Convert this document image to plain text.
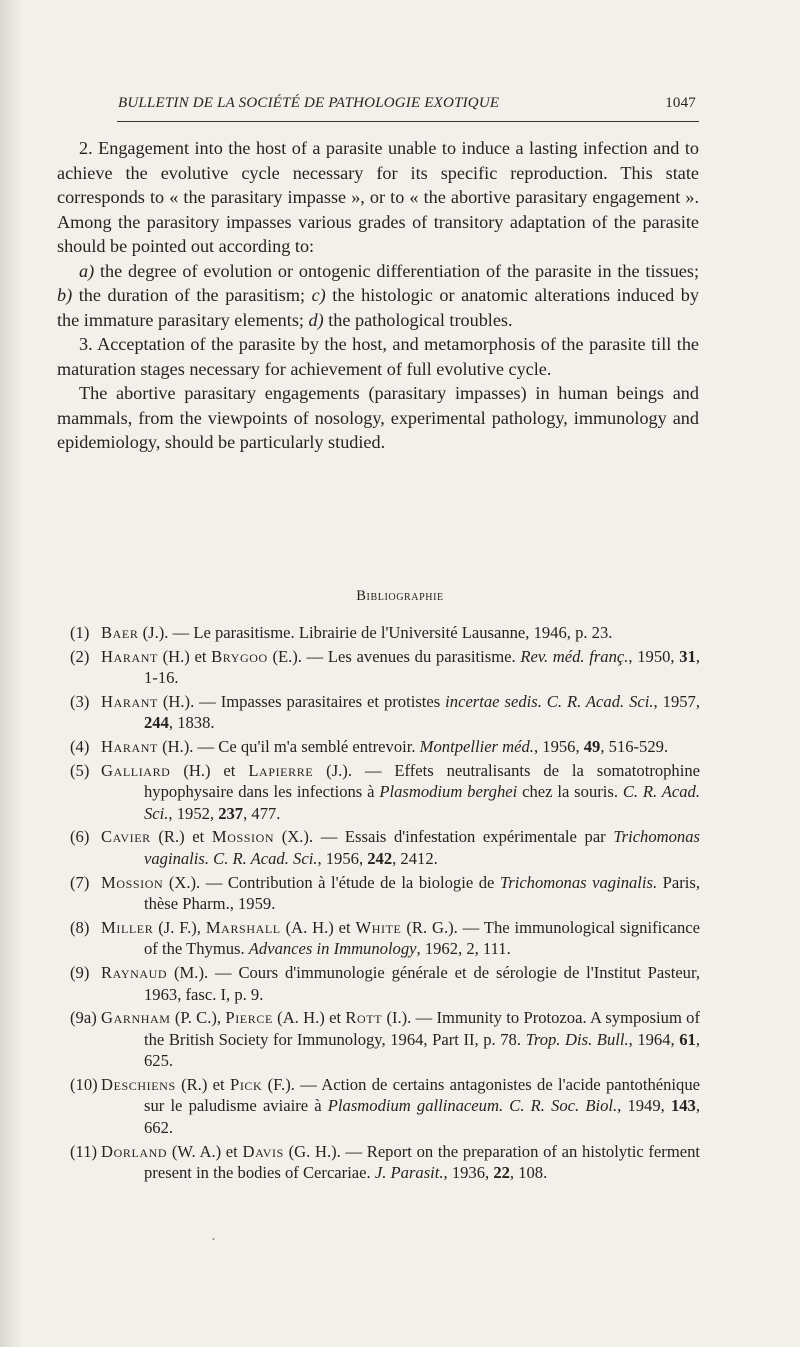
BULLETIN DE LA SOCIÉTÉ DE PATHOLOGIE EXOTIQUE	1047

2. Engagement into the host of a parasite unable to induce a lasting infection and to achieve the evolutive cycle necessary for its specific reproduction. This state corresponds to « the parasitary impasse », or to « the abortive parasitary engagement ». Among the parasitory impasses various grades of transitory adaptation of the parasite should be pointed out according to:

a) the degree of evolution or ontogenic differentiation of the parasite in the tissues; b) the duration of the parasitism; c) the histologic or anatomic alterations induced by the immature parasitary elements; d) the pathological troubles.

3. Acceptation of the parasite by the host, and metamorphosis of the parasite till the maturation stages necessary for achievement of full evolutive cycle.

The abortive parasitary engagements (parasitary impasses) in human beings and mammals, from the viewpoints of nosology, experimental pathology, immunology and epidemiology, should be particularly studied.

Bibliographie
(1) Baer (J.). — Le parasitisme. Librairie de l'Université Lausanne, 1946, p. 23.
(2) Harant (H.) et Brygoo (E.). — Les avenues du parasitisme. Rev. méd. franç., 1950, 31, 1-16.
(3) Harant (H.). — Impasses parasitaires et protistes incertae sedis. C. R. Acad. Sci., 1957, 244, 1838.
(4) Harant (H.). — Ce qu'il m'a semblé entrevoir. Montpellier méd., 1956, 49, 516-529.
(5) Galliard (H.) et Lapierre (J.). — Effets neutralisants de la somatotrophine hypophysaire dans les infections à Plasmodium berghei chez la souris. C. R. Acad. Sci., 1952, 237, 477.
(6) Cavier (R.) et Mossion (X.). — Essais d'infestation expérimentale par Trichomonas vaginalis. C. R. Acad. Sci., 1956, 242, 2412.
(7) Mossion (X.). — Contribution à l'étude de la biologie de Trichomonas vaginalis. Paris, thèse Pharm., 1959.
(8) Miller (J. F.), Marshall (A. H.) et White (R. G.). — The immunological significance of the Thymus. Advances in Immunology, 1962, 2, 111.
(9) Raynaud (M.). — Cours d'immunologie générale et de sérologie de l'Institut Pasteur, 1963, fasc. I, p. 9.
(9a) Garnham (P. C.), Pierce (A. H.) et Rott (I.). — Immunity to Protozoa. A symposium of the British Society for Immunology, 1964, Part II, p. 78. Trop. Dis. Bull., 1964, 61, 625.
(10) Deschiens (R.) et Pick (F.). — Action de certains antagonistes de l'acide pantothénique sur le paludisme aviaire à Plasmodium gallinaceum. C. R. Soc. Biol., 1949, 143, 662.
(11) Dorland (W. A.) et Davis (G. H.). — Report on the preparation of an histolytic ferment present in the bodies of Cercariae. J. Parasit., 1936, 22, 108.
•
